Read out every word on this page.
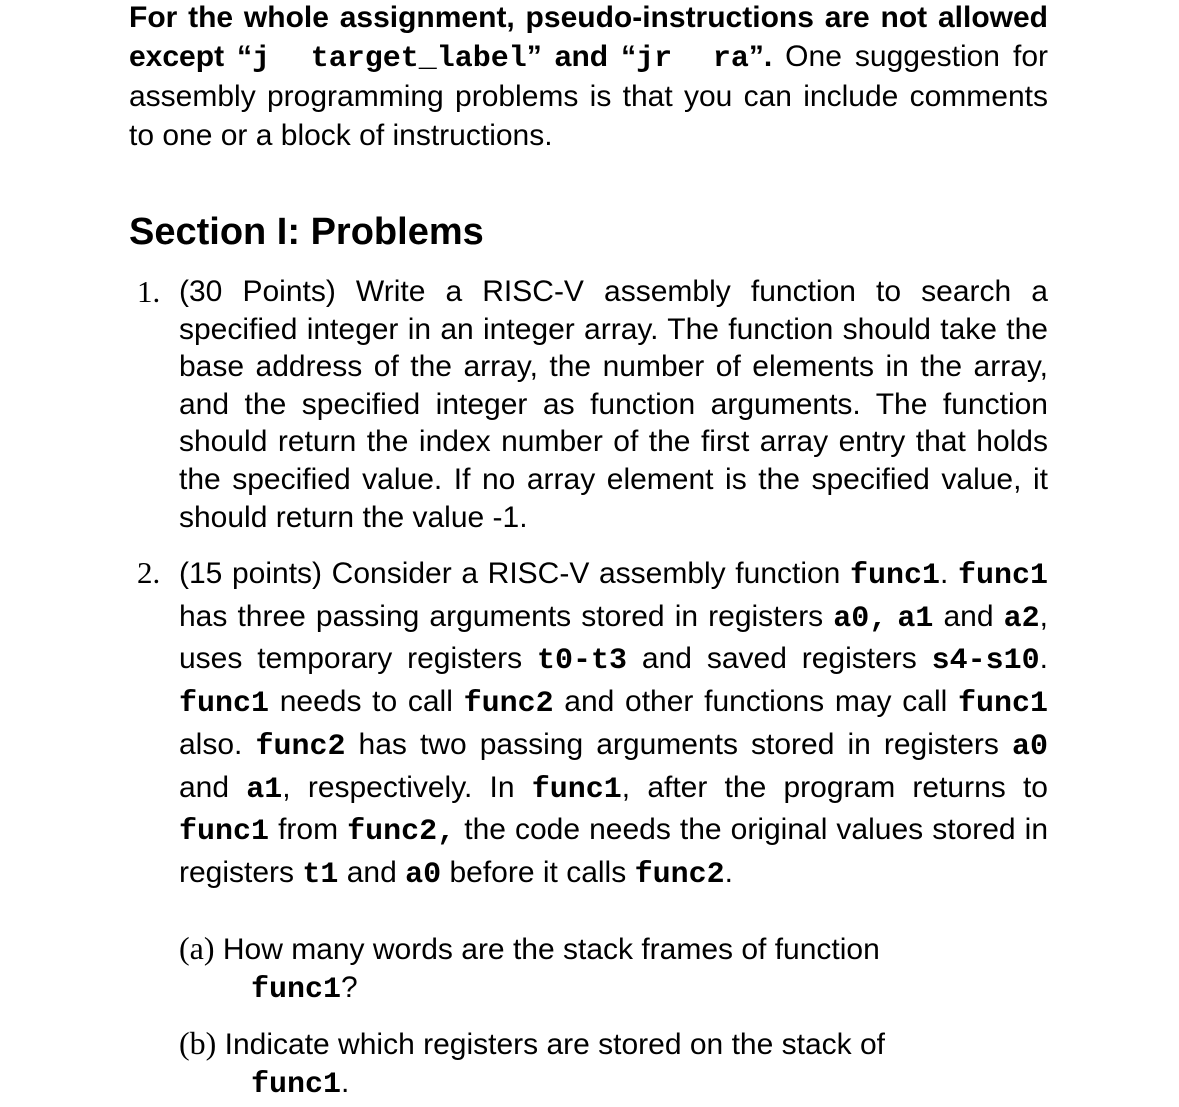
For the whole assignment, pseudo-instructions are not allowed except “j target_label” and “jr ra”. One suggestion for assembly programming problems is that you can include comments to one or a block of instructions.
Section I: Problems
1. (30 Points) Write a RISC-V assembly function to search a specified integer in an integer array. The function should take the base address of the array, the number of elements in the array, and the specified integer as function arguments. The function should return the index number of the first array entry that holds the specified value. If no array element is the specified value, it should return the value -1.
2. (15 points) Consider a RISC-V assembly function func1. func1 has three passing arguments stored in registers a0, a1 and a2, uses temporary registers t0-t3 and saved registers s4-s10. func1 needs to call func2 and other functions may call func1 also. func2 has two passing arguments stored in registers a0 and a1, respectively. In func1, after the program returns to func1 from func2, the code needs the original values stored in registers t1 and a0 before it calls func2.
(a) How many words are the stack frames of function
func1?
(b) Indicate which registers are stored on the stack of
func1.
